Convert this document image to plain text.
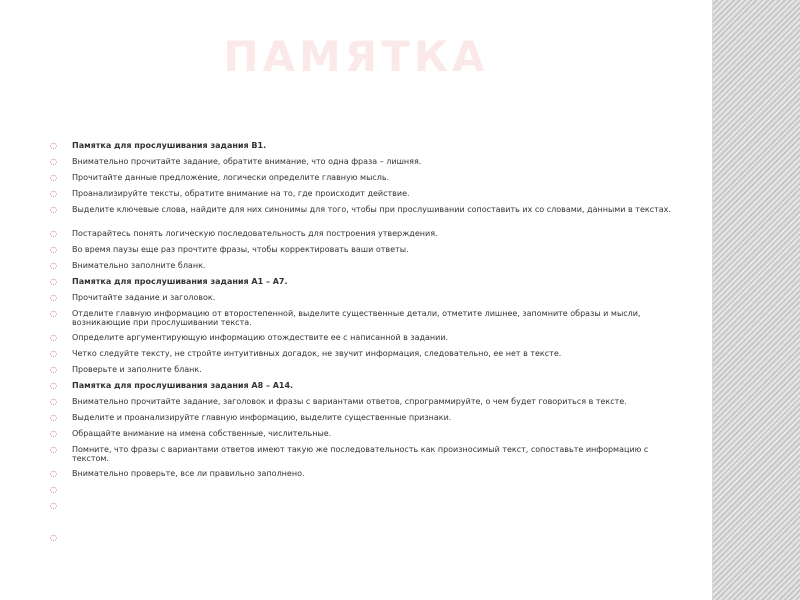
ПАМЯТКА
◌ Памятка для прослушивания задания В1.
◌ Внимательно прочитайте задание, обратите внимание, что одна фраза – лишняя.
◌ Прочитайте данные предложение, логически определите главную мысль.
◌ Проанализируйте тексты, обратите внимание на то, где происходит действие.
◌ Выделите ключевые слова, найдите для них синонимы для того, чтобы при прослушивании сопоставить их со словами, данными в текстах.
◌ Постарайтесь понять логическую последовательность для построения утверждения.
◌ Во время паузы еще раз прочтите фразы, чтобы корректировать ваши ответы.
◌ Внимательно заполните бланк.
◌ Памятка для прослушивания задания А1 – А7.
◌ Прочитайте задание и заголовок.
◌ Отделите главную информацию от второстепенной, выделите существенные детали, отметите лишнее, запомните образы и мысли, возникающие при прослушивании текста.
◌ Определите аргументирующую информацию отождествите ее с написанной в задании.
◌ Четко следуйте тексту, не стройте интуитивных догадок, не звучит информация, следовательно, ее нет в тексте.
◌ Проверьте и заполните бланк.
◌ Памятка для прослушивания задания А8 – А14.
◌ Внимательно прочитайте задание, заголовок и фразы с вариантами ответов, спрограммируйте, о чем будет говориться в тексте.
◌ Выделите и проанализируйте главную информацию, выделите существенные признаки.
◌ Обращайте внимание на имена собственные, числительные.
◌ Помните, что фразы с вариантами ответов имеют такую же последовательность как произносимый текст, сопоставьте информацию с текстом.
◌ Внимательно проверьте, все ли правильно заполнено.
◌
◌
◌
